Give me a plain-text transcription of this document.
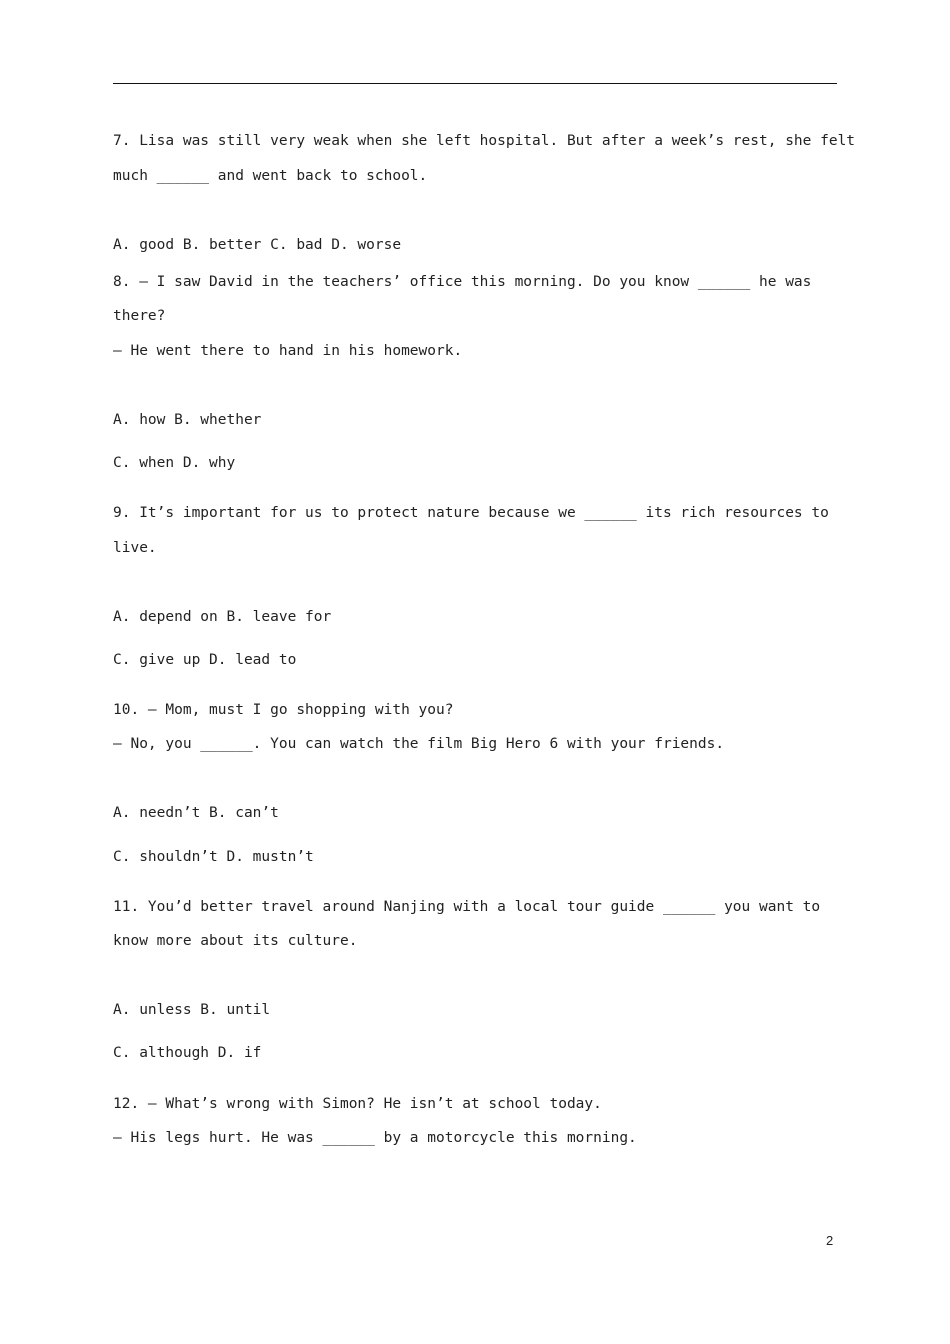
7. Lisa was still very weak when she left hospital. But after a week’s rest, she felt
much ______ and went back to school.
A. good B. better C. bad D. worse
8. — I saw David in the teachers’ office this morning. Do you know ______ he was
there?
— He went there to hand in his homework.
A. how B. whether
C. when D. why
9. It’s important for us to protect nature because we ______ its rich resources to
live.
A. depend on B. leave for
C. give up D. lead to
10. — Mom, must I go shopping with you?
— No, you ______. You can watch the film Big Hero 6 with your friends.
A. needn’t B. can’t
C. shouldn’t D. mustn’t
11. You’d better travel around Nanjing with a local tour guide ______ you want to
know more about its culture.
A. unless B. until
C. although D. if
12. — What’s wrong with Simon? He isn’t at school today.
— His legs hurt. He was ______ by a motorcycle this morning.
2
